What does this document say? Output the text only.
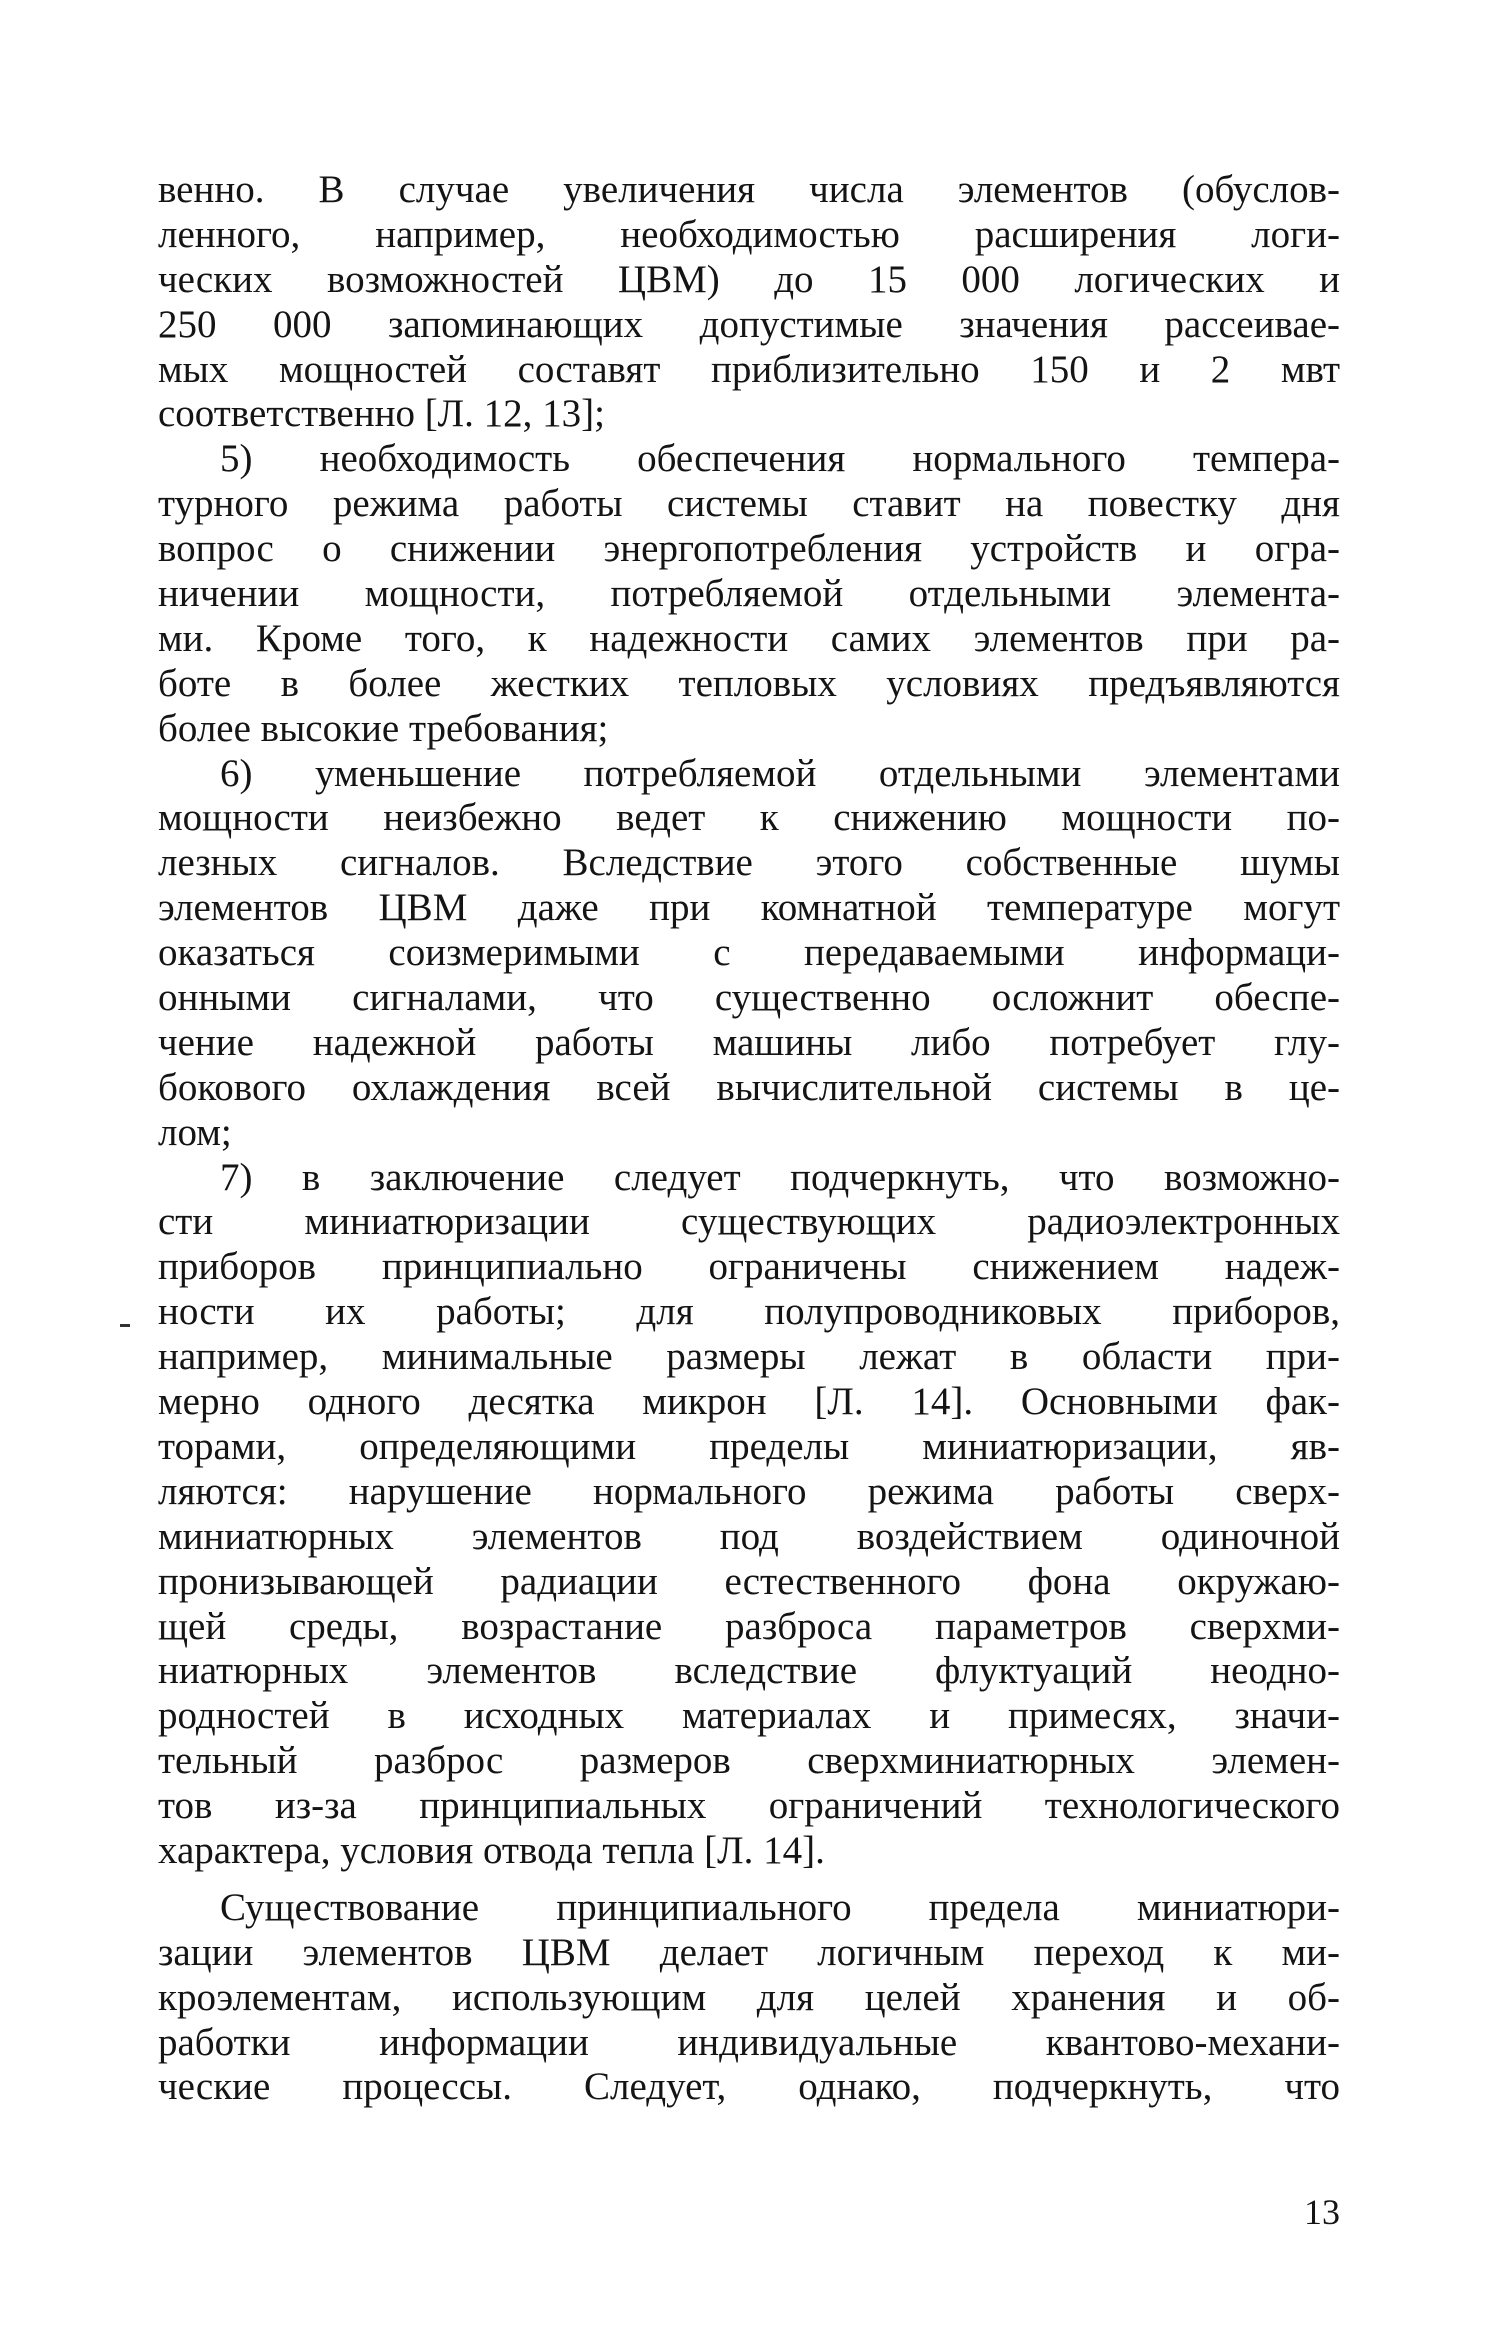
венно. В случае увеличения числа элементов (обуслов-
ленного, например, необходимостью расширения логи-
ческих возможностей ЦВМ) до 15 000 логических и
250 000 запоминающих допустимые значения рассеивае-
мых мощностей составят приблизительно 150 и 2 мвт
соответственно [Л. 12, 13];
5) необходимость обеспечения нормального темпера-
турного режима работы системы ставит на повестку дня
вопрос о снижении энергопотребления устройств и огра-
ничении мощности, потребляемой отдельными элемента-
ми. Кроме того, к надежности самих элементов при ра-
боте в более жестких тепловых условиях предъявляются
более высокие требования;
6) уменьшение потребляемой отдельными элементами
мощности неизбежно ведет к снижению мощности по-
лезных сигналов. Вследствие этого собственные шумы
элементов ЦВМ даже при комнатной температуре могут
оказаться соизмеримыми с передаваемыми информаци-
онными сигналами, что существенно осложнит обеспе-
чение надежной работы машины либо потребует глу-
бокового охлаждения всей вычислительной системы в це-
лом;
7) в заключение следует подчеркнуть, что возможно-
сти миниатюризации существующих радиоэлектронных
приборов принципиально ограничены снижением надеж-
ности их работы; для полупроводниковых приборов,
например, минимальные размеры лежат в области при-
мерно одного десятка микрон [Л. 14]. Основными фак-
торами, определяющими пределы миниатюризации, яв-
ляются: нарушение нормального режима работы сверх-
миниатюрных элементов под воздействием одиночной
пронизывающей радиации естественного фона окружаю-
щей среды, возрастание разброса параметров сверхми-
ниатюрных элементов вследствие флуктуаций неодно-
родностей в исходных материалах и примесях, значи-
тельный разброс размеров сверхминиатюрных элемен-
тов из-за принципиальных ограничений технологического
характера, условия отвода тепла [Л. 14].
Существование принципиального предела миниатюри-
зации элементов ЦВМ делает логичным переход к ми-
кроэлементам, использующим для целей хранения и об-
работки информации индивидуальные квантово-механи-
ческие процессы. Следует, однако, подчеркнуть, что
13
